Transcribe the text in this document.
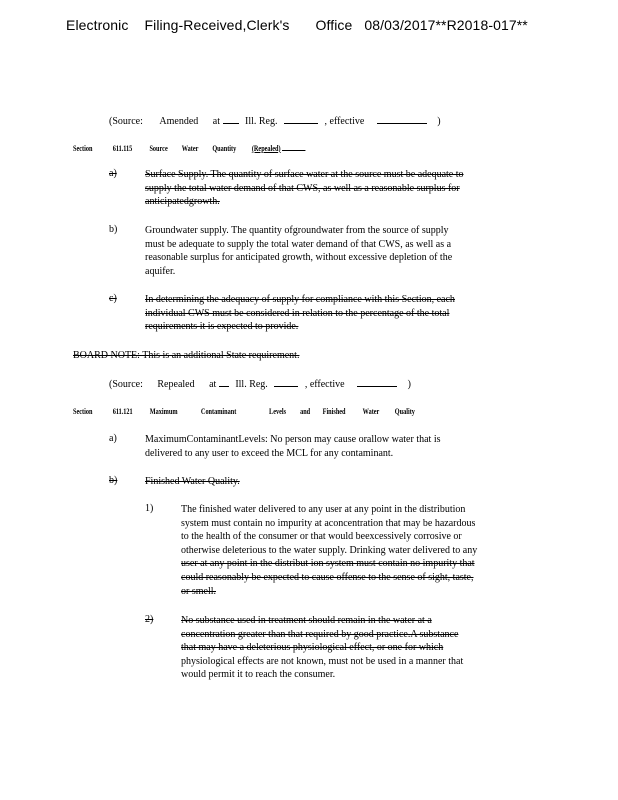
Electronic Filing-Received,Clerk's Office 08/03/2017**R2018-017**
(Source: Amended at	Ill. Reg.	, effective	)
Section	611.115 Source Water Quantity (Repealed)
a)	Surface Supply. The quantity of surface water at the source must be adequate to
supply the total water demand of that CWS, as well as a reasonable surplus for
anticipatedgrowth.
b)	Groundwater supply. The quantity ofgroundwater from the source of supply
must be adequate to supply the total water demand of that CWS, as well as a
reasonable surplus for anticipated growth, without excessive depletion of the
aquifer.
c)	In determining the adequacy of supply for compliance with this Section, each
individual CWS must be considered in relation to the percentage of the total
requirements it is expected to provide.
BOARD NOTE: This is an additional State requirement.
(Source: Repealed at Ill. Reg.	, effective	)
Section	611.121 Maximum	Contaminant	Levels and Finished Water Quality
a)	MaximumContaminantLevels: No person may cause orallow water that is
delivered to any user to exceed the MCL for any contaminant.
b)	Finished Water Quality.
1)	The finished water delivered to any user at any point in the distribution
system must contain no impurity at aconcentration that may be hazardous
to the health of the consumer or that would beexcessively corrosive or
otherwise deleterious to the water supply. Drinking water delivered to any
user at any point in the distribut ion system must contain no impurity that
could reasonably be expected to cause offense to the sense of sight, taste,
or smell.
2)	No substance used in treatment should remain in the water at a
concentration greater than that required by good practice.A substance
that may have a deleterious physiological effect, or one for which
physiological effects are not known, must not be used in a manner that
would permit it to reach the consumer.
